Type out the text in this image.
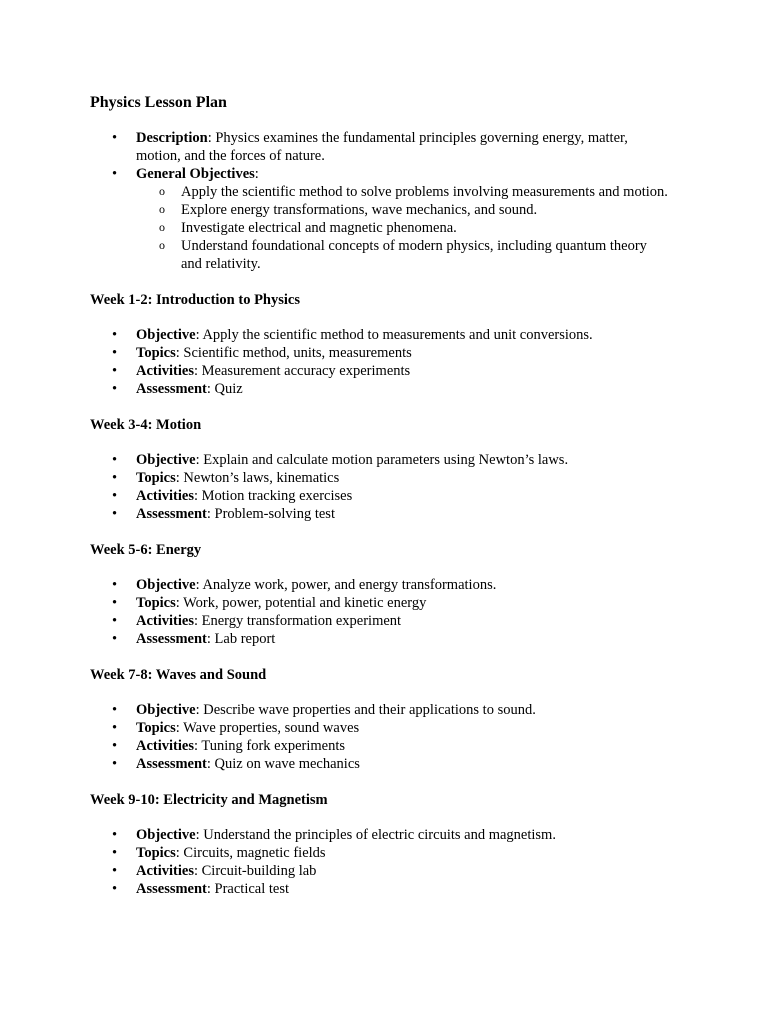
Physics Lesson Plan
• Description: Physics examines the fundamental principles governing energy, matter, motion, and the forces of nature.
• General Objectives:
o Apply the scientific method to solve problems involving measurements and motion.
o Explore energy transformations, wave mechanics, and sound.
o Investigate electrical and magnetic phenomena.
o Understand foundational concepts of modern physics, including quantum theory and relativity.
Week 1-2: Introduction to Physics
• Objective: Apply the scientific method to measurements and unit conversions.
• Topics: Scientific method, units, measurements
• Activities: Measurement accuracy experiments
• Assessment: Quiz
Week 3-4: Motion
• Objective: Explain and calculate motion parameters using Newton’s laws.
• Topics: Newton’s laws, kinematics
• Activities: Motion tracking exercises
• Assessment: Problem-solving test
Week 5-6: Energy
• Objective: Analyze work, power, and energy transformations.
• Topics: Work, power, potential and kinetic energy
• Activities: Energy transformation experiment
• Assessment: Lab report
Week 7-8: Waves and Sound
• Objective: Describe wave properties and their applications to sound.
• Topics: Wave properties, sound waves
• Activities: Tuning fork experiments
• Assessment: Quiz on wave mechanics
Week 9-10: Electricity and Magnetism
• Objective: Understand the principles of electric circuits and magnetism.
• Topics: Circuits, magnetic fields
• Activities: Circuit-building lab
• Assessment: Practical test
